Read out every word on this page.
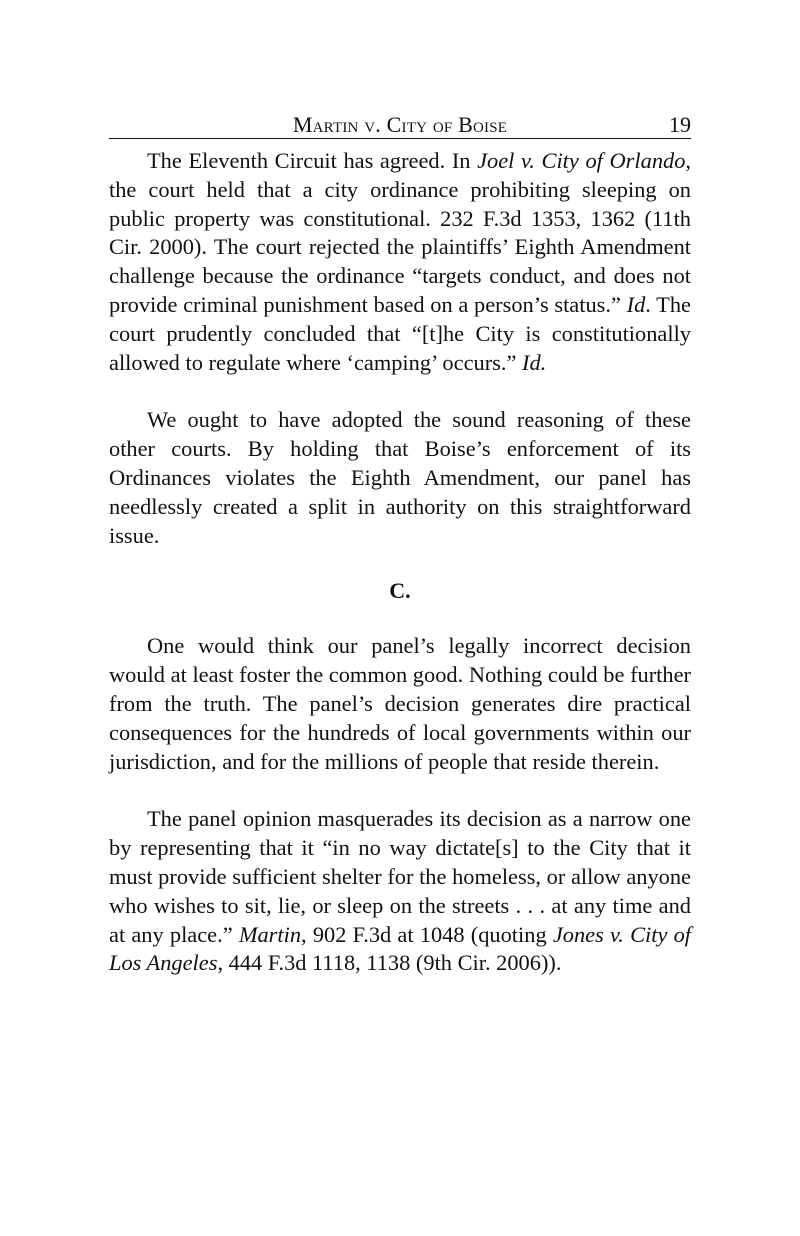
Martin v. City of Boise	19

The Eleventh Circuit has agreed. In Joel v. City of Orlando, the court held that a city ordinance prohibiting sleeping on public property was constitutional. 232 F.3d 1353, 1362 (11th Cir. 2000). The court rejected the plaintiffs’ Eighth Amendment challenge because the ordinance “targets conduct, and does not provide criminal punishment based on a person’s status.” Id. The court prudently concluded that “[t]he City is constitutionally allowed to regulate where ‘camping’ occurs.” Id.

We ought to have adopted the sound reasoning of these other courts. By holding that Boise’s enforcement of its Ordinances violates the Eighth Amendment, our panel has needlessly created a split in authority on this straightforward issue.

C.

One would think our panel’s legally incorrect decision would at least foster the common good. Nothing could be further from the truth. The panel’s decision generates dire practical consequences for the hundreds of local governments within our jurisdiction, and for the millions of people that reside therein.

The panel opinion masquerades its decision as a narrow one by representing that it “in no way dictate[s] to the City that it must provide sufficient shelter for the homeless, or allow anyone who wishes to sit, lie, or sleep on the streets . . . at any time and at any place.” Martin, 902 F.3d at 1048 (quoting Jones v. City of Los Angeles, 444 F.3d 1118, 1138 (9th Cir. 2006)).
